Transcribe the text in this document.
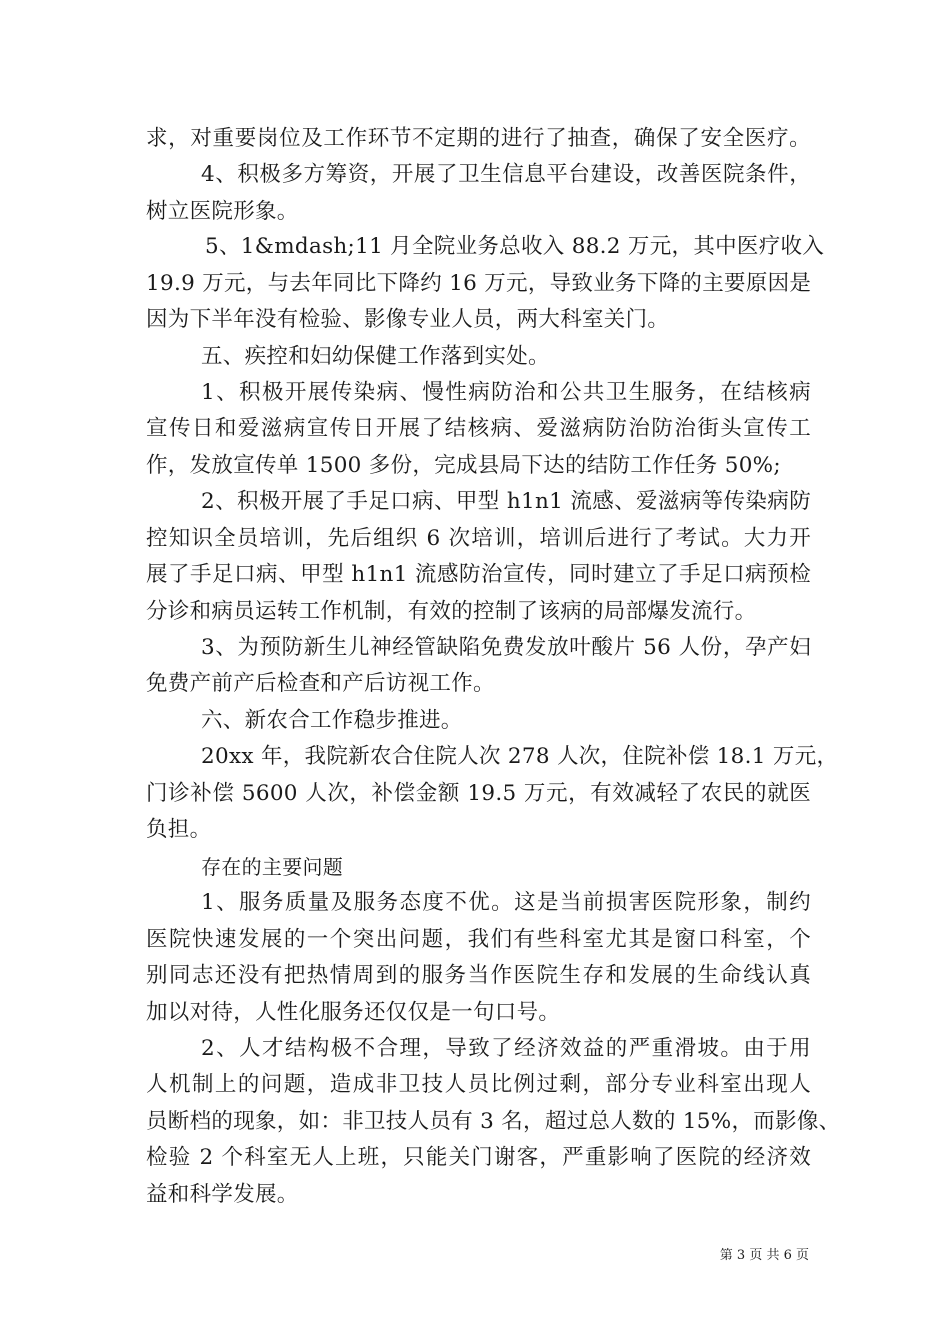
求，对重要岗位及工作环节不定期的进行了抽查，确保了安全医疗。
4、积极多方筹资，开展了卫生信息平台建设，改善医院条件，
树立医院形象。
5、1&mdash;11 月全院业务总收入 88.2 万元，其中医疗收入
19.9 万元，与去年同比下降约 16 万元，导致业务下降的主要原因是
因为下半年没有检验、影像专业人员，两大科室关门。
五、疾控和妇幼保健工作落到实处。
1、积极开展传染病、慢性病防治和公共卫生服务，在结核病
宣传日和爱滋病宣传日开展了结核病、爱滋病防治防治街头宣传工
作，发放宣传单 1500 多份，完成县局下达的结防工作任务 50%;
2、积极开展了手足口病、甲型 h1n1 流感、爱滋病等传染病防
控知识全员培训，先后组织 6 次培训，培训后进行了考试。大力开
展了手足口病、甲型 h1n1 流感防治宣传，同时建立了手足口病预检
分诊和病员运转工作机制，有效的控制了该病的局部爆发流行。
3、为预防新生儿神经管缺陷免费发放叶酸片 56 人份，孕产妇
免费产前产后检查和产后访视工作。
六、新农合工作稳步推进。
20xx 年，我院新农合住院人次 278 人次，住院补偿 18.1 万元，
门诊补偿 5600 人次，补偿金额 19.5 万元，有效减轻了农民的就医
负担。
存在的主要问题
1、服务质量及服务态度不优。这是当前损害医院形象，制约
医院快速发展的一个突出问题，我们有些科室尤其是窗口科室，个
别同志还没有把热情周到的服务当作医院生存和发展的生命线认真
加以对待，人性化服务还仅仅是一句口号。
2、人才结构极不合理，导致了经济效益的严重滑坡。由于用
人机制上的问题，造成非卫技人员比例过剩，部分专业科室出现人
员断档的现象，如：非卫技人员有 3 名，超过总人数的 15%，而影像、
检验 2 个科室无人上班，只能关门谢客，严重影响了医院的经济效
益和科学发展。
第 3 页 共 6 页
